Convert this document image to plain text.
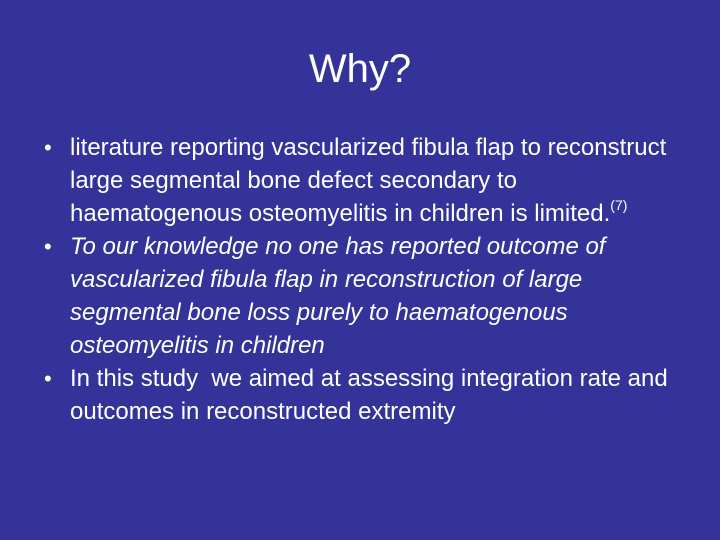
Why?
• literature reporting vascularized fibula flap to reconstruct large segmental bone defect secondary to haematogenous osteomyelitis in children is limited.$^{(7)}$
• To our knowledge no one has reported outcome of vascularized fibula flap in reconstruction of large segmental bone loss purely to haematogenous osteomyelitis in children
• In this study  we aimed at assessing integration rate and outcomes in reconstructed extremity
